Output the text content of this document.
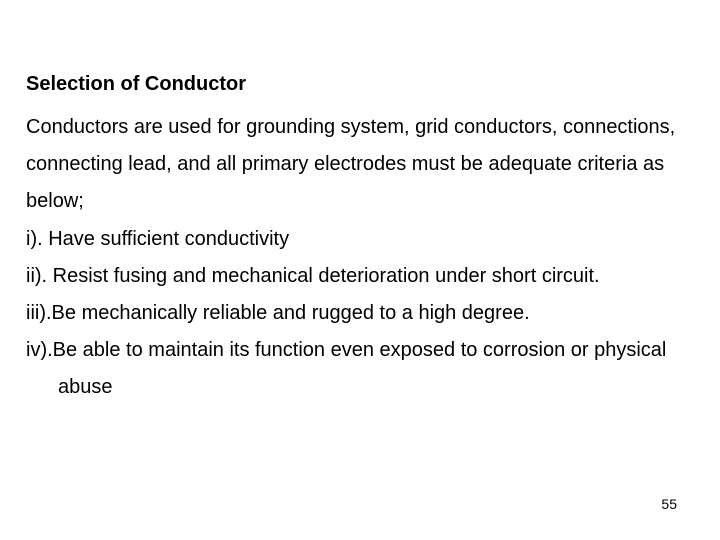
Selection of Conductor
Conductors are used for grounding system, grid conductors, connections, connecting lead, and all primary electrodes must be adequate criteria as below;
i). Have sufficient conductivity
ii). Resist fusing and mechanical deterioration under short circuit.
iii).Be mechanically reliable and rugged to a high degree.
iv).Be able to maintain its function even exposed to corrosion or physical abuse
55
